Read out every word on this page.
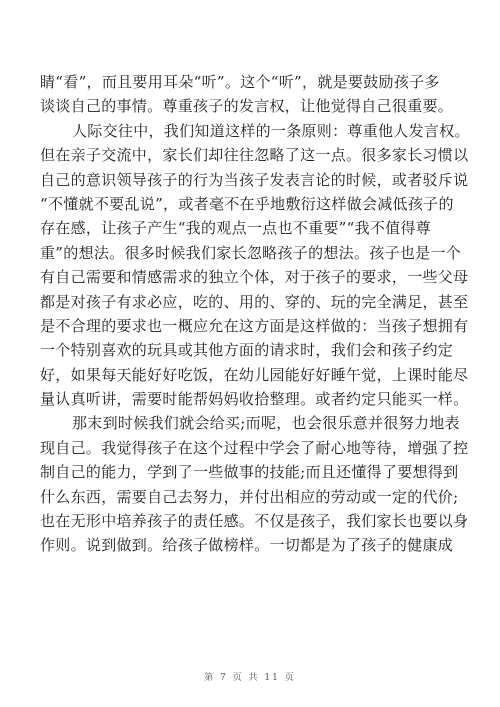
睛“看”，而且要用耳朵“听”。这个“听”，就是要鼓励孩子多
谈谈自己的事情。尊重孩子的发言权，让他觉得自己很重要。
人际交往中，我们知道这样的一条原则：尊重他人发言权。
但在亲子交流中，家长们却往往忽略了这一点。很多家长习惯以
自己的意识领导孩子的行为当孩子发表言论的时候，或者驳斥说
“不懂就不要乱说”，或者毫不在乎地敷衍这样做会减低孩子的
存在感，让孩子产生“我的观点一点也不重要”“我不值得尊
重”的想法。很多时候我们家长忽略孩子的想法。孩子也是一个
有自己需要和情感需求的独立个体，对于孩子的要求，一些父母
都是对孩子有求必应，吃的、用的、穿的、玩的完全满足，甚至
是不合理的要求也一概应允在这方面是这样做的：当孩子想拥有
一个特别喜欢的玩具或其他方面的请求时，我们会和孩子约定
好，如果每天能好好吃饭，在幼儿园能好好睡午觉，上课时能尽
量认真听讲，需要时能帮妈妈收拾整理。或者约定只能买一样。
那末到时候我们就会给买;而呢，也会很乐意并很努力地表
现自己。我觉得孩子在这个过程中学会了耐心地等待，增强了控
制自己的能力，学到了一些做事的技能;而且还懂得了要想得到
什么东西，需要自己去努力，并付出相应的劳动或一定的代价;
也在无形中培养孩子的责任感。不仅是孩子，我们家长也要以身
作则。说到做到。给孩子做榜样。一切都是为了孩子的健康成
第 7 页 共 11 页
